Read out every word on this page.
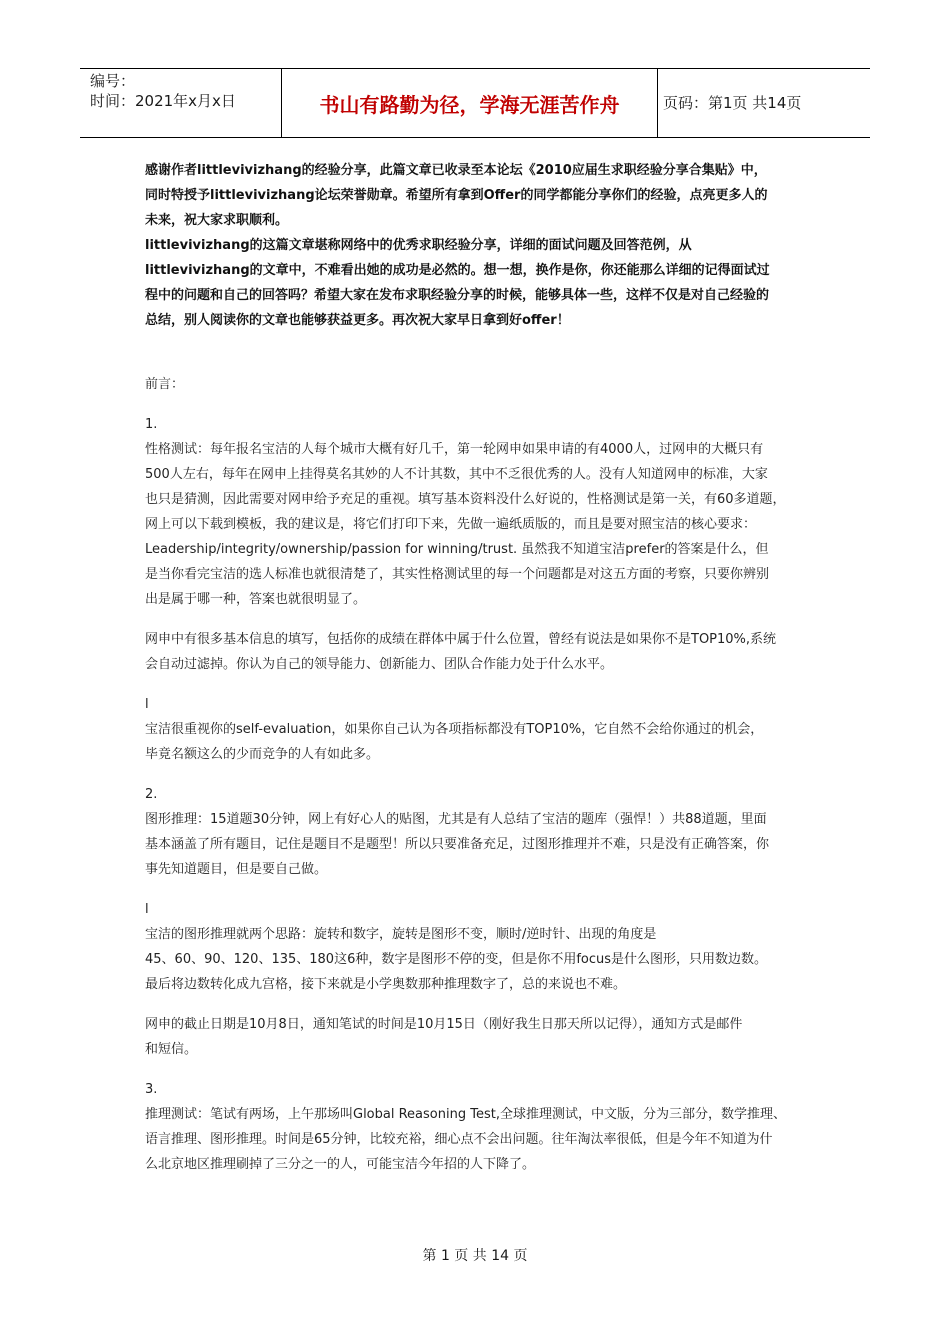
编号：
时间：2021年x月x日	书山有路勤为径，学海无涯苦作舟	页码：第1页 共14页
感谢作者littlevivizhang的经验分享，此篇文章已收录至本论坛《2010应届生求职经验分享合集贴》中，
同时特授予littlevivizhang论坛荣誉勋章。希望所有拿到Offer的同学都能分享你们的经验，点亮更多人的
未来，祝大家求职顺利。
littlevivizhang的这篇文章堪称网络中的优秀求职经验分享，详细的面试问题及回答范例，从
littlevivizhang的文章中，不难看出她的成功是必然的。想一想，换作是你，你还能那么详细的记得面试过
程中的问题和自己的回答吗？希望大家在发布求职经验分享的时候，能够具体一些，这样不仅是对自己经验的
总结，别人阅读你的文章也能够获益更多。再次祝大家早日拿到好offer！
前言：
1.
性格测试：每年报名宝洁的人每个城市大概有好几千，第一轮网申如果申请的有4000人，过网申的大概只有
500人左右，每年在网申上挂得莫名其妙的人不计其数，其中不乏很优秀的人。没有人知道网申的标准，大家
也只是猜测，因此需要对网申给予充足的重视。填写基本资料没什么好说的，性格测试是第一关，有60多道题，
网上可以下载到模板，我的建议是，将它们打印下来，先做一遍纸质版的，而且是要对照宝洁的核心要求：
Leadership/integrity/ownership/passion for winning/trust. 虽然我不知道宝洁prefer的答案是什么，但
是当你看完宝洁的选人标准也就很清楚了，其实性格测试里的每一个问题都是对这五方面的考察，只要你辨别
出是属于哪一种，答案也就很明显了。
网申中有很多基本信息的填写，包括你的成绩在群体中属于什么位置，曾经有说法是如果你不是TOP10%,系统
会自动过滤掉。你认为自己的领导能力、创新能力、团队合作能力处于什么水平。
l
宝洁很重视你的self-evaluation，如果你自己认为各项指标都没有TOP10%，它自然不会给你通过的机会，
毕竟名额这么的少而竞争的人有如此多。
2.
图形推理：15道题30分钟，网上有好心人的贴图，尤其是有人总结了宝洁的题库（强悍！）共88道题，里面
基本涵盖了所有题目，记住是题目不是题型！所以只要准备充足，过图形推理并不难，只是没有正确答案，你
事先知道题目，但是要自己做。
l
宝洁的图形推理就两个思路：旋转和数字，旋转是图形不变，顺时/逆时针、出现的角度是
45、60、90、120、135、180这6种，数字是图形不停的变，但是你不用focus是什么图形，只用数边数。
最后将边数转化成九宫格，接下来就是小学奥数那种推理数字了，总的来说也不难。
网申的截止日期是10月8日，通知笔试的时间是10月15日（刚好我生日那天所以记得），通知方式是邮件
和短信。
3.
推理测试：笔试有两场，上午那场叫Global Reasoning Test,全球推理测试，中文版，分为三部分，数学推理、
语言推理、图形推理。时间是65分钟，比较充裕，细心点不会出问题。往年淘汰率很低，但是今年不知道为什
么北京地区推理刷掉了三分之一的人，可能宝洁今年招的人下降了。
第 1 页 共 14 页
